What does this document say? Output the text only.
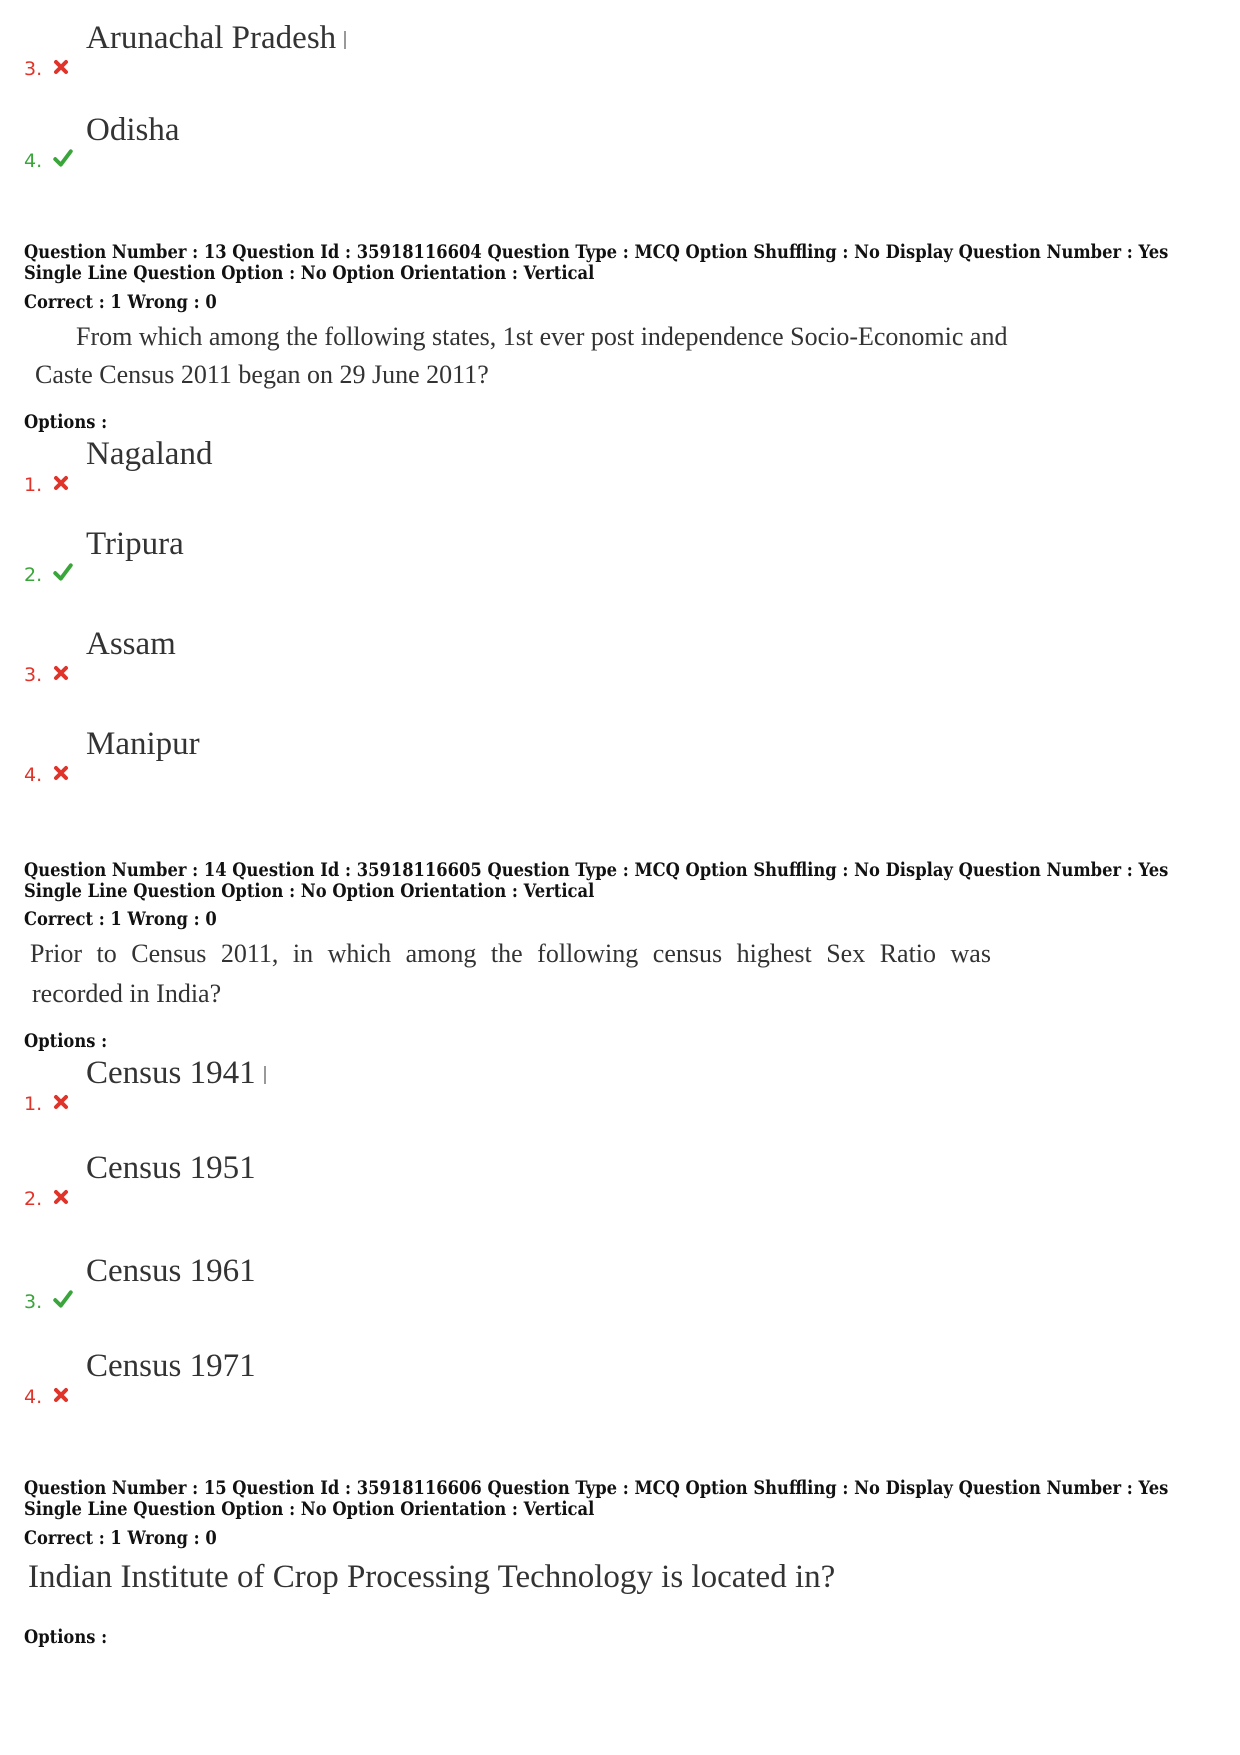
3.
Arunachal Pradesh
4.
Odisha
Question Number : 13 Question Id : 35918116604 Question Type : MCQ Option Shuffling : No Display Question Number : Yes
Single Line Question Option : No Option Orientation : Vertical
Correct : 1 Wrong : 0
From which among the following states, 1st ever post independence Socio-Economic and
Caste Census 2011 began on 29 June 2011?
Options :
1.
Nagaland
2.
Tripura
3.
Assam
4.
Manipur
Question Number : 14 Question Id : 35918116605 Question Type : MCQ Option Shuffling : No Display Question Number : Yes
Single Line Question Option : No Option Orientation : Vertical
Correct : 1 Wrong : 0
Prior to Census 2011, in which among the following census highest Sex Ratio was
recorded in India?
Options :
1.
Census 1941
2.
Census 1951
3.
Census 1961
4.
Census 1971
Question Number : 15 Question Id : 35918116606 Question Type : MCQ Option Shuffling : No Display Question Number : Yes
Single Line Question Option : No Option Orientation : Vertical
Correct : 1 Wrong : 0
Indian Institute of Crop Processing Technology is located in?
Options :
